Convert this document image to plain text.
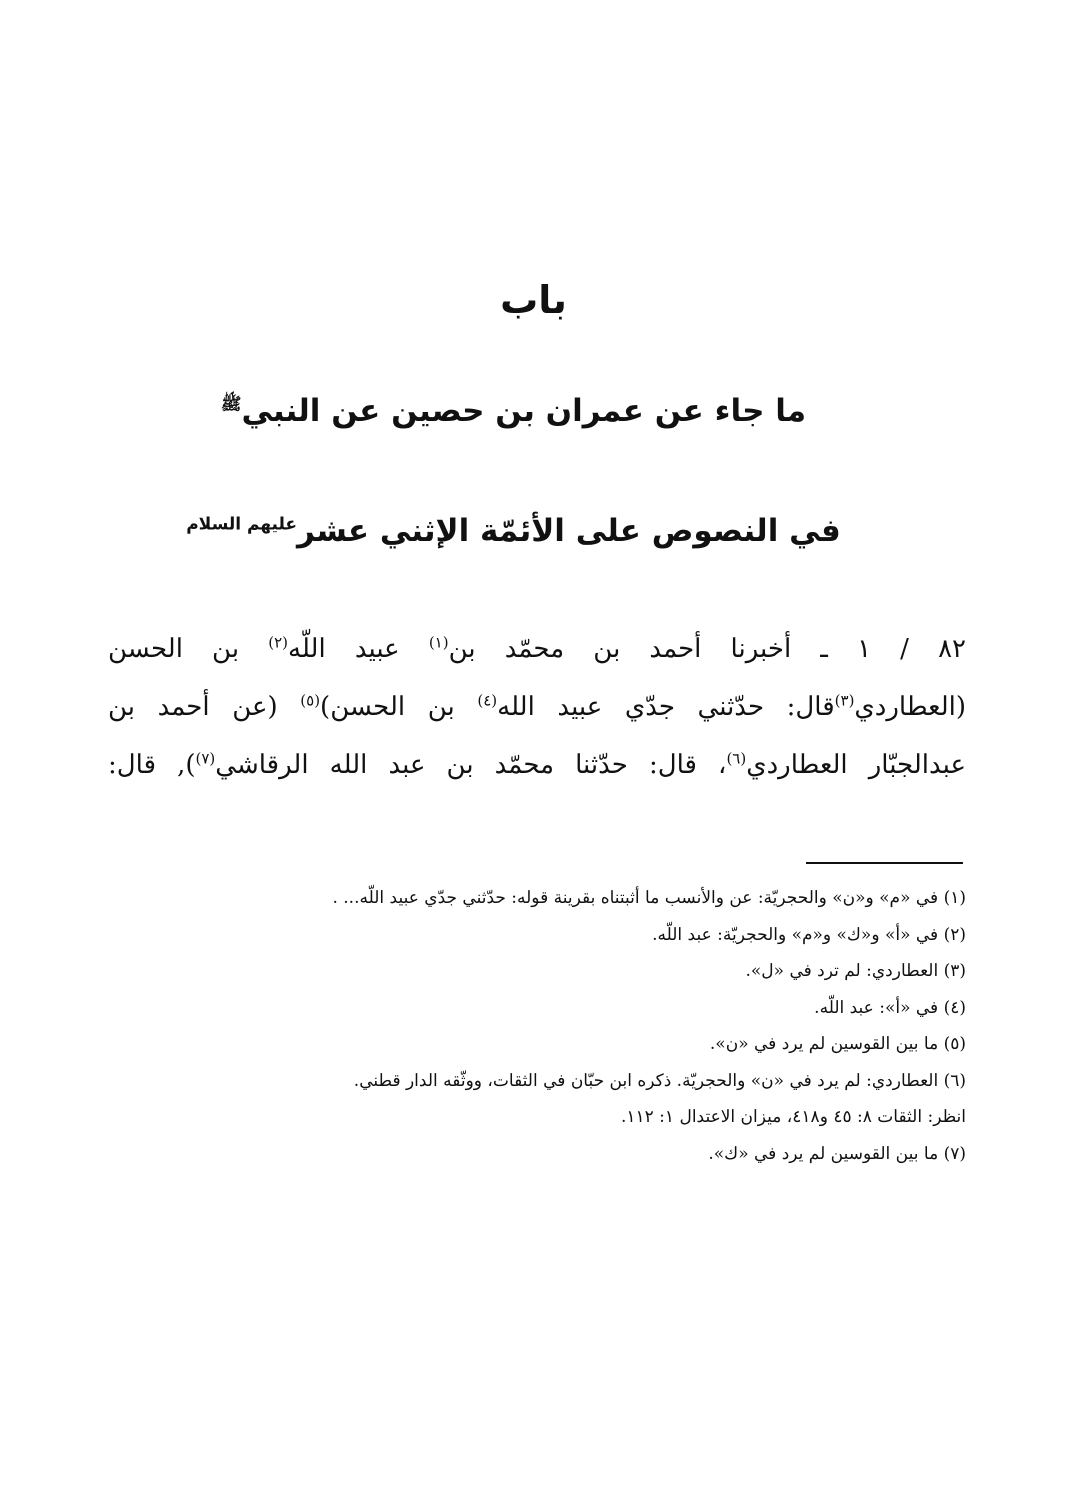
باب
ما جاء عن عمران بن حصين عن النبي$^ﷺ$
في النصوص على الأئمّة الإثني عشر$^{عليهم السلام}$
٨٢ / ١ ـ أخبرنا أحمد بن محمّد بن$^{(١)}$ عبيد اللّه$^{(٢)}$ بن الحسن
(العطاردي$^{(٣)}$قال: حدّثني جدّي عبيد الله$^{(٤)}$ بن الحسن)$^{(٥)}$ (عن أحمد بن
عبدالجبّار العطاردي$^{(٦)}$، قال: حدّثنا محمّد بن عبد الله الرقاشي$^{(٧)}$), قال:
(١) في «م» و«ن» والحجريّة: عن والأنسب ما أثبتناه بقرينة قوله: حدّثني جدّي عبيد اللّه... .
(٢) في «أ» و«ك» و«م» والحجريّة: عبد اللّه.
(٣) العطاردي: لم ترد في «ل».
(٤) في «أ»: عبد اللّه.
(٥) ما بين القوسين لم يرد في «ن».
(٦) العطاردي: لم يرد في «ن» والحجريّة. ذكره ابن حبّان في الثقات، ووثّقه الدار قطني.
انظر: الثقات ٨: ٤٥ و٤١٨، ميزان الاعتدال ١: ١١٢.
(٧) ما بين القوسين لم يرد في «ك».
